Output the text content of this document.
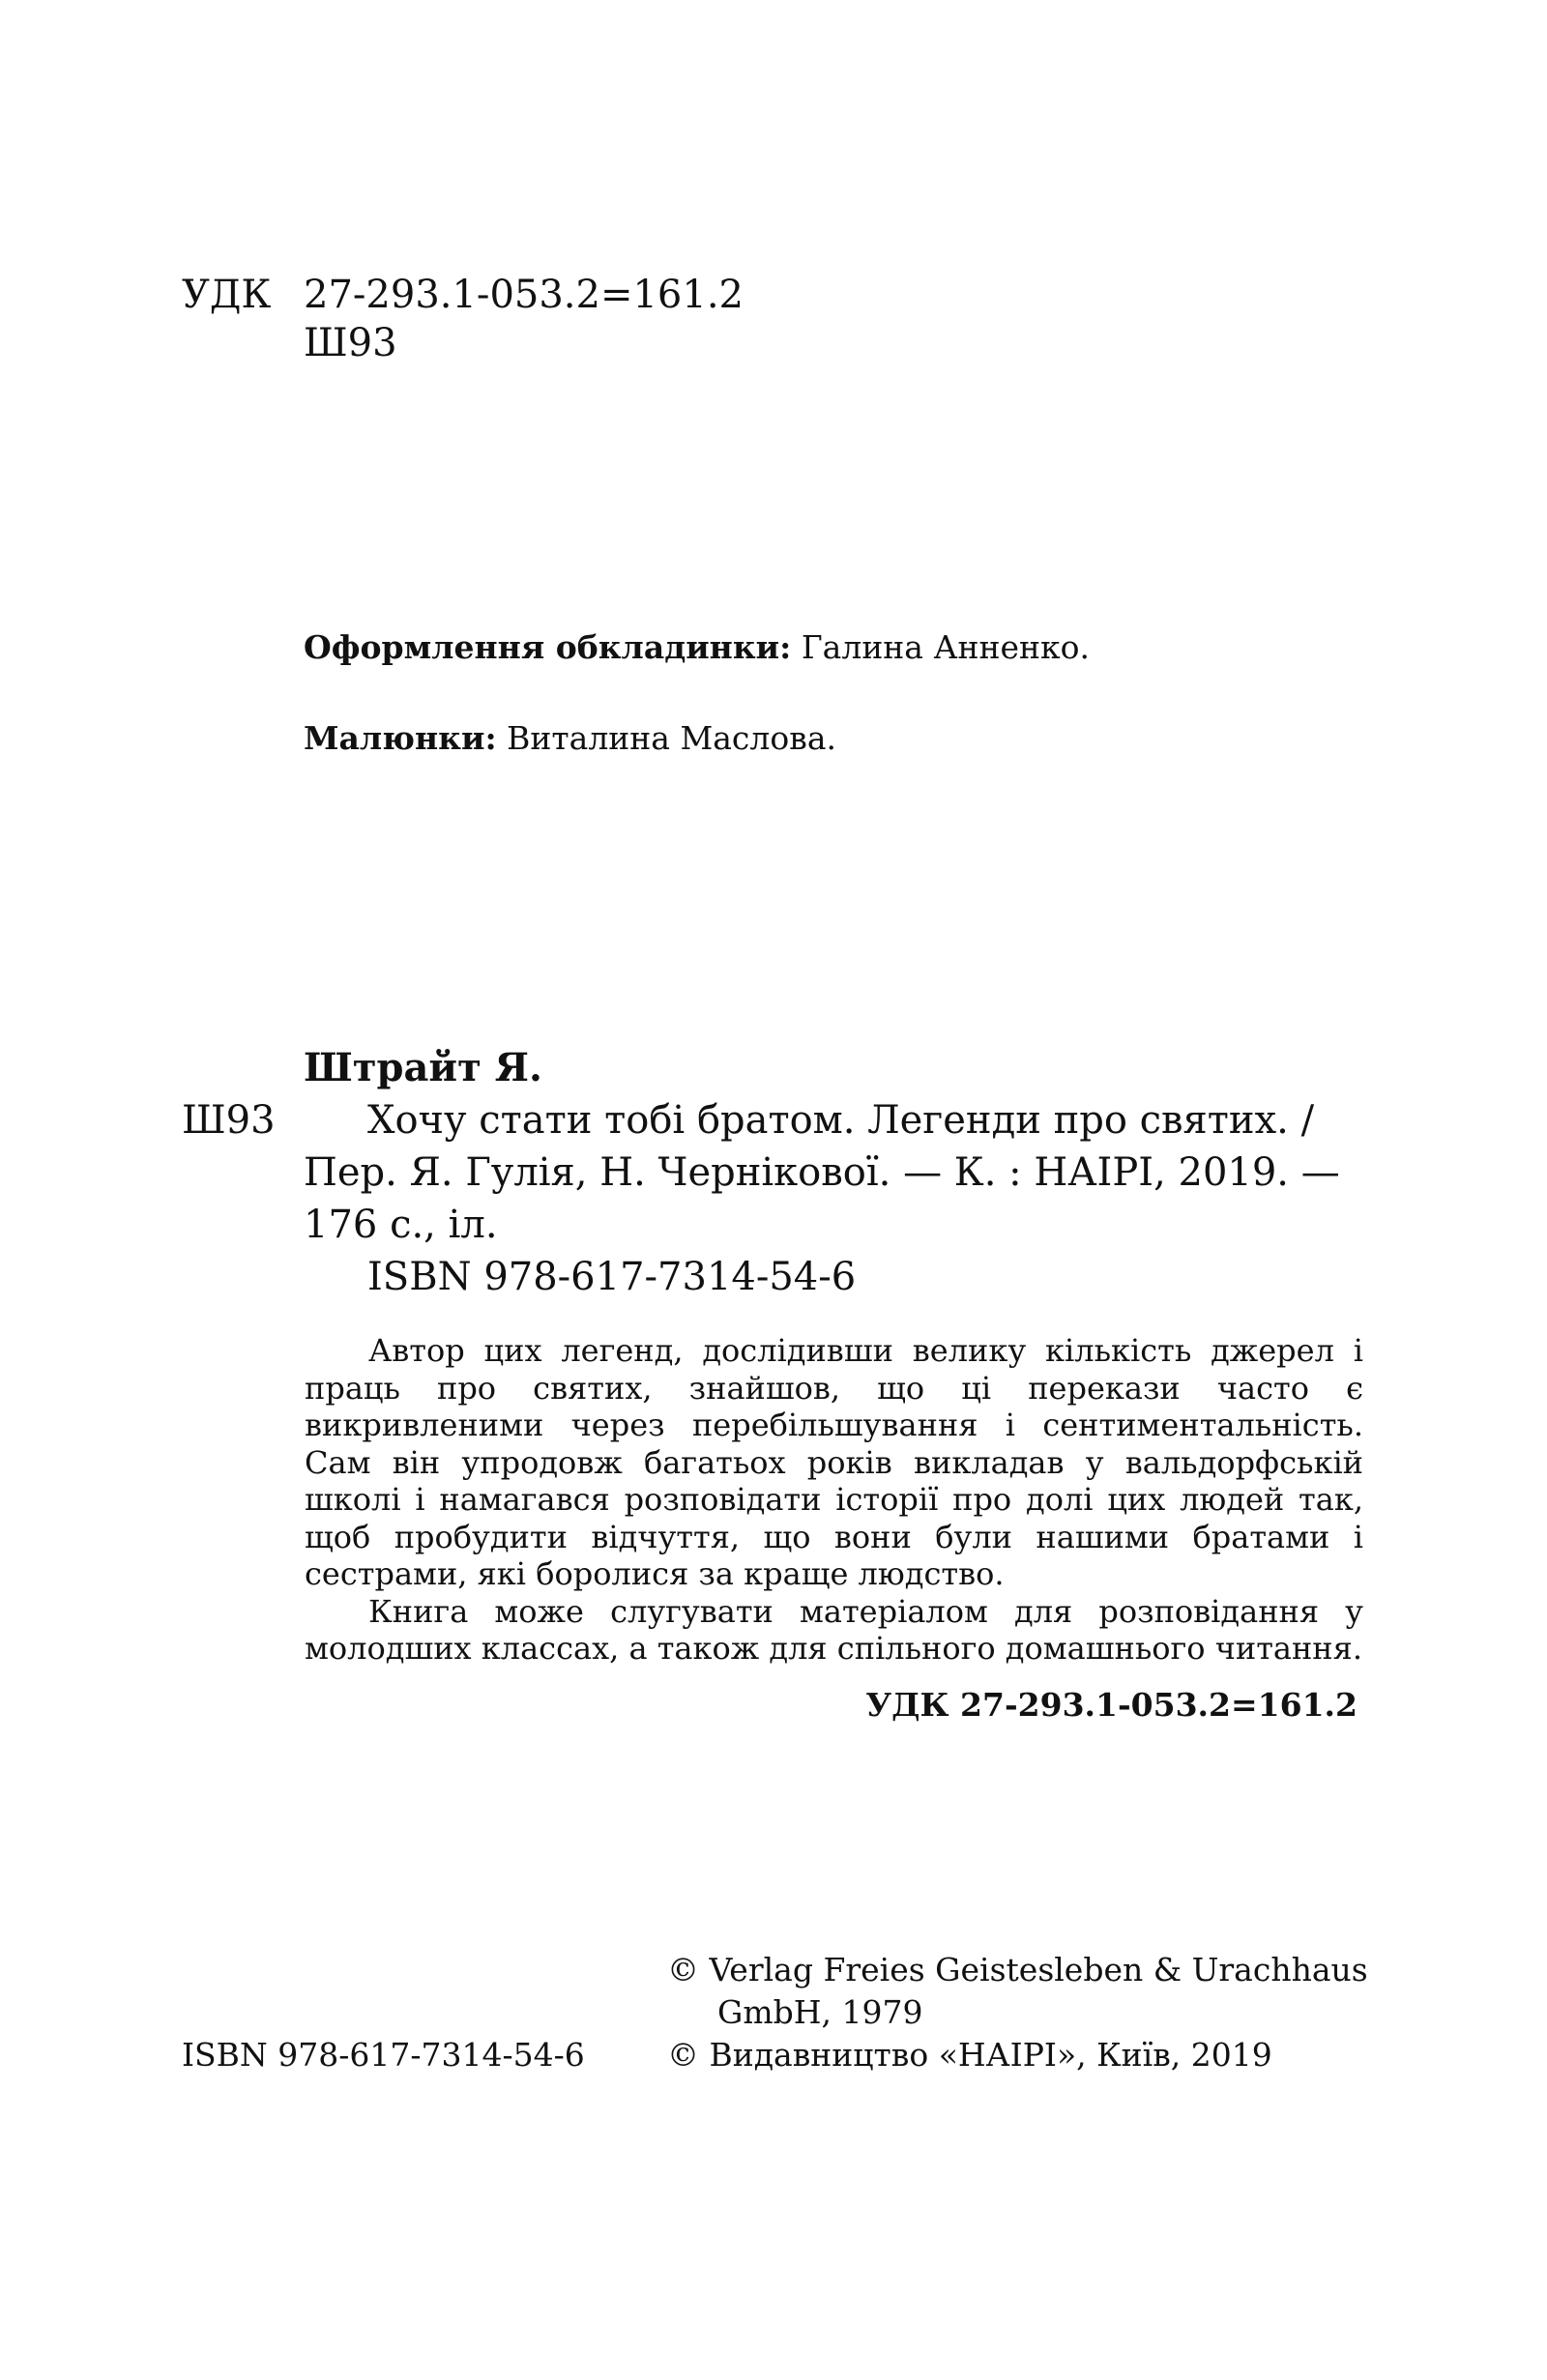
УДК 27-293.1-053.2=161.2
Ш93
Оформлення обкладинки: Галина Анненко.
Малюнки: Виталина Маслова.
Штрайт Я.
Ш93 Хочу стати тобі братом. Легенди про святих. /
Пер. Я. Гулія, Н. Чернікової. — К. : НАІРІ, 2019. —
176 с., іл.
ISBN 978-617-7314-54-6

Автор цих легенд, дослідивши велику кількість джерел і праць про святих, знайшов, що ці перекази часто є викривленими через перебільшування і сентиментальність. Сам він упродовж багатьох років викладав у вальдорфській школі і намагався розповідати історії про долі цих людей так, щоб пробудити відчуття, що вони були нашими братами і сестрами, які боролися за краще людство.

Книга може слугувати матеріалом для розповідання у молодших классах, а також для спільного домашнього читання.

УДК 27-293.1-053.2=161.2
© Verlag Freies Geistesleben & Urachhaus
GmbH, 1979
ISBN 978-617-7314-54-6	© Видавництво «НАІРІ», Київ, 2019
